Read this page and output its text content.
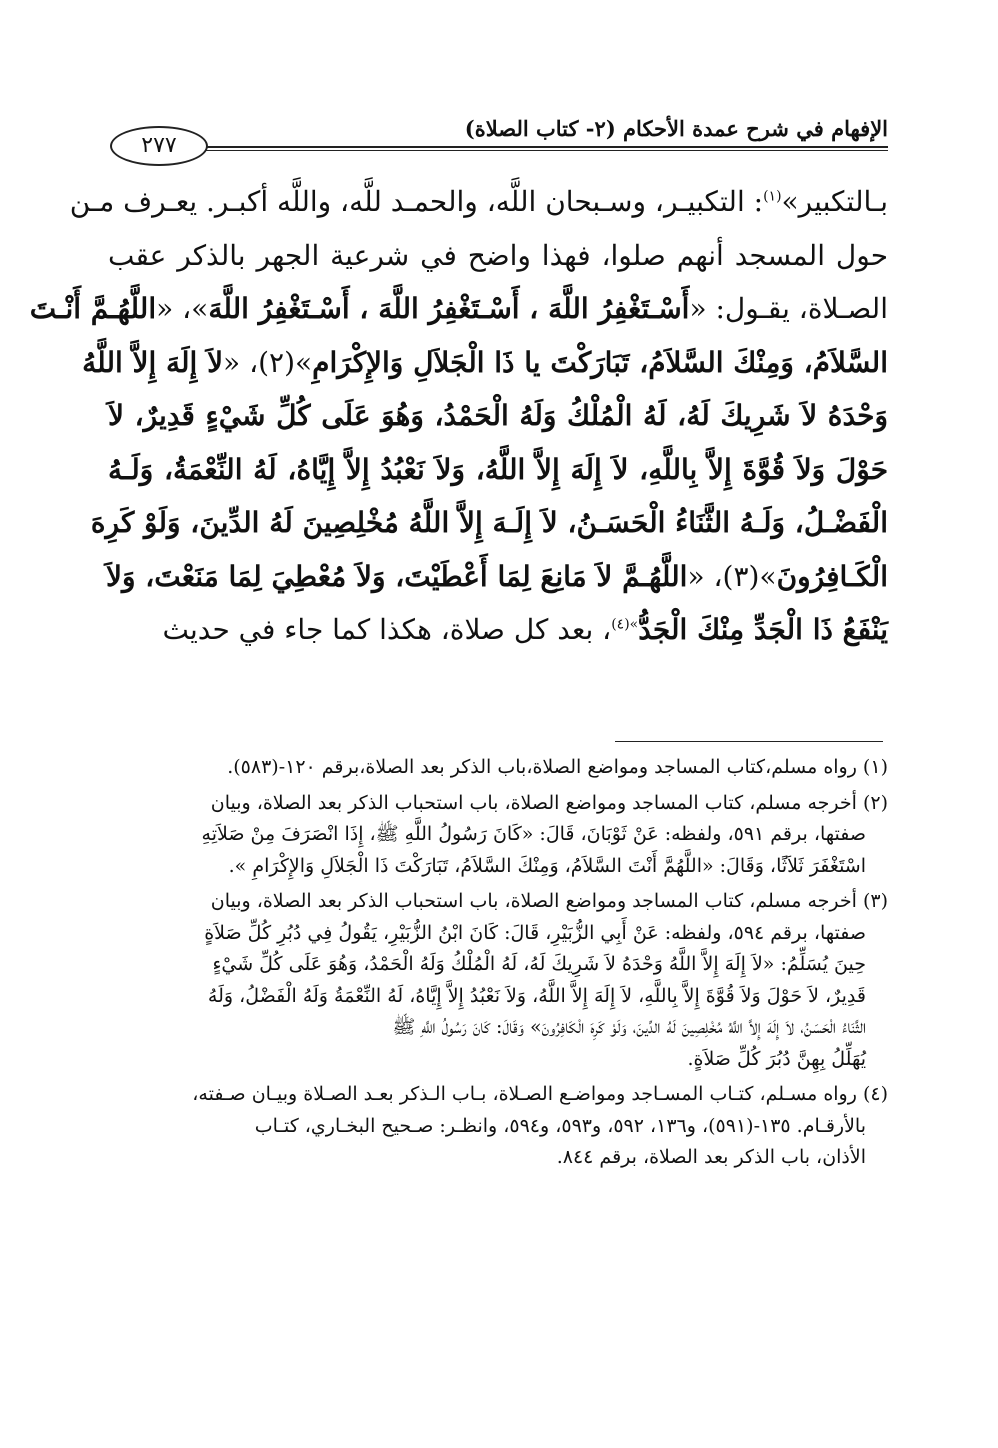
الإفهام في شرح عمدة الأحكام (٢- كتاب الصلاة)
٢٧٧
بـالتكبير»$^{(١)}$: التكبيـر، وسـبحان اللَّه، والحمـد للَّه، واللَّه أكبـر. يعـرف مـن
حول المسجد أنهم صلوا، فهذا واضح في شرعية الجهر بالذكر عقب
الصـلاة، يقـول: «أَسْـتَغْفِرُ اللَّهَ ، أَسْـتَغْفِرُ اللَّهَ ، أَسْـتَغْفِرُ اللَّهَ»، «اللَّهُـمَّ أَنْـتَ
السَّلاَمُ، وَمِنْكَ السَّلاَمُ، تَبَارَكْتَ يا ذَا الْجَلاَلِ وَالإِكْرَامِ»(٢)، «لاَ إِلَهَ إِلاَّ اللَّهُ
وَحْدَهُ لاَ شَرِيكَ لَهُ، لَهُ الْمُلْكُ وَلَهُ الْحَمْدُ، وَهُوَ عَلَى كُلِّ شَيْءٍ قَدِيرٌ، لاَ
حَوْلَ وَلاَ قُوَّةَ إِلاَّ بِاللَّهِ، لاَ إِلَهَ إِلاَّ اللَّهُ، وَلاَ نَعْبُدُ إِلاَّ إِيَّاهُ، لَهُ النِّعْمَةُ، وَلَـهُ
الْفَضْـلُ، وَلَـهُ الثَّنَاءُ الْحَسَـنُ، لاَ إِلَـهَ إِلاَّ اللَّهُ مُخْلِصِينَ لَهُ الدِّينَ، وَلَوْ كَرِهَ
الْكَـافِرُونَ»(٣)، «اللَّهُـمَّ لاَ مَانِعَ لِمَا أَعْطَيْتَ، وَلاَ مُعْطِيَ لِمَا مَنَعْتَ، وَلاَ
يَنْفَعُ ذَا الْجَدِّ مِنْكَ الْجَدُّ$^{»(٤)}$، بعد كل صلاة، هكذا كما جاء في حديث
(١) رواه مسلم،كتاب المساجد ومواضع الصلاة،باب الذكر بعد الصلاة،برقم ١٢٠-(٥٨٣).
(٢) أخرجه مسلم، كتاب المساجد ومواضع الصلاة، باب استحباب الذكر بعد الصلاة، وبيان
صفتها، برقم ٥٩١، ولفظه: عَنْ ثَوْبَانَ، قَالَ: «كَانَ رَسُولُ اللَّهِ ﷺ، إِذَا انْصَرَفَ مِنْ صَلاَتِهِ
اسْتَغْفَرَ ثَلاَثًا، وَقَالَ: «اللَّهُمَّ أَنْتَ السَّلاَمُ، وَمِنْكَ السَّلاَمُ، تَبَارَكْتَ ذَا الْجَلاَلِ وَالإِكْرَامِ ».
(٣) أخرجه مسلم، كتاب المساجد ومواضع الصلاة، باب استحباب الذكر بعد الصلاة، وبيان
صفتها، برقم ٥٩٤، ولفظه: عَنْ أَبِي الزُّبَيْرِ، قَالَ: كَانَ ابْنُ الزُّبَيْرِ، يَقُولُ فِي دُبُرِ كُلِّ صَلاَةٍ
حِينَ يُسَلِّمُ: «لاَ إِلَهَ إِلاَّ اللَّهُ وَحْدَهُ لاَ شَرِيكَ لَهُ، لَهُ الْمُلْكُ وَلَهُ الْحَمْدُ، وَهُوَ عَلَى كُلِّ شَيْءٍ
قَدِيرٌ، لاَ حَوْلَ وَلاَ قُوَّةَ إِلاَّ بِاللَّهِ، لاَ إِلَهَ إِلاَّ اللَّهُ، وَلاَ نَعْبُدُ إِلاَّ إِيَّاهُ، لَهُ النِّعْمَةُ وَلَهُ الْفَضْلُ، وَلَهُ
الثَّنَاءُ الْحَسَنُ، لاَ إِلَهَ إِلاَّ اللَّهُ مُخْلِصِينَ لَهُ الدِّينَ، وَلَوْ كَرِهَ الْكَافِرُونَ» وَقَالَ: كَانَ رَسُولُ اللَّهِ ﷺ
يُهَلِّلُ بِهِنَّ دُبُرَ كُلِّ صَلاَةٍ.
(٤) رواه مسـلم، كتـاب المسـاجد ومواضـع الصـلاة، بـاب الـذكر بعـد الصـلاة وبيـان صـفته،
بالأرقـام. ١٣٥-(٥٩١)، و١٣٦، ٥٩٢، و٥٩٣، و٥٩٤، وانظـر: صـحيح البخـاري، كتـاب
الأذان، باب الذكر بعد الصلاة، برقم ٨٤٤.
